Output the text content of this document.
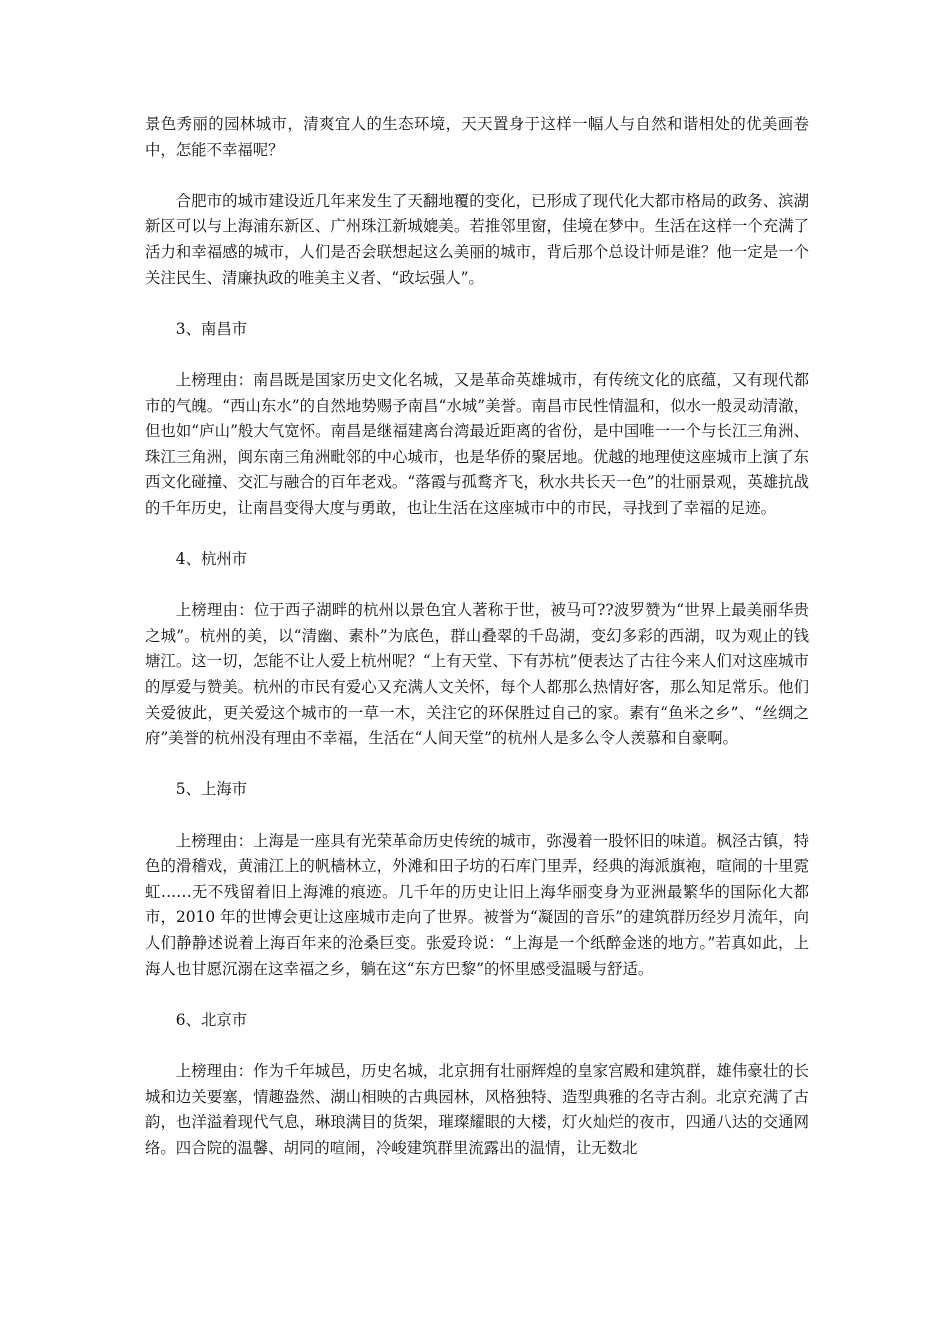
景色秀丽的园林城市，清爽宜人的生态环境，天天置身于这样一幅人与自然和谐相处的优美画卷中，怎能不幸福呢？

合肥市的城市建设近几年来发生了天翻地覆的变化，已形成了现代化大都市格局的政务、滨湖新区可以与上海浦东新区、广州珠江新城媲美。若推邻里窗，佳境在梦中。生活在这样一个充满了活力和幸福感的城市，人们是否会联想起这么美丽的城市，背后那个总设计师是谁？他一定是一个关注民生、清廉执政的唯美主义者、“政坛强人”。

3、南昌市

上榜理由：南昌既是国家历史文化名城，又是革命英雄城市，有传统文化的底蕴，又有现代都市的气魄。“西山东水”的自然地势赐予南昌“水城”美誉。南昌市民性情温和，似水一般灵动清澈，但也如“庐山”般大气宽怀。南昌是继福建离台湾最近距离的省份，是中国唯一一个与长江三角洲、珠江三角洲，闽东南三角洲毗邻的中心城市，也是华侨的聚居地。优越的地理使这座城市上演了东西文化碰撞、交汇与融合的百年老戏。“落霞与孤鹜齐飞，秋水共长天一色”的壮丽景观，英雄抗战的千年历史，让南昌变得大度与勇敢，也让生活在这座城市中的市民，寻找到了幸福的足迹。

4、杭州市

上榜理由：位于西子湖畔的杭州以景色宜人著称于世，被马可??波罗赞为“世界上最美丽华贵之城”。杭州的美，以“清幽、素朴”为底色，群山叠翠的千岛湖，变幻多彩的西湖，叹为观止的钱塘江。这一切，怎能不让人爱上杭州呢？“上有天堂、下有苏杭”便表达了古往今来人们对这座城市的厚爱与赞美。杭州的市民有爱心又充满人文关怀，每个人都那么热情好客，那么知足常乐。他们关爱彼此，更关爱这个城市的一草一木，关注它的环保胜过自己的家。素有“鱼米之乡”、“丝绸之府”美誉的杭州没有理由不幸福，生活在“人间天堂”的杭州人是多么令人羡慕和自豪啊。

5、上海市

上榜理由：上海是一座具有光荣革命历史传统的城市，弥漫着一股怀旧的味道。枫泾古镇，特色的滑稽戏，黄浦江上的帆樯林立，外滩和田子坊的石库门里弄，经典的海派旗袍，喧闹的十里霓虹……无不残留着旧上海滩的痕迹。几千年的历史让旧上海华丽变身为亚洲最繁华的国际化大都市，2010 年的世博会更让这座城市走向了世界。被誉为“凝固的音乐”的建筑群历经岁月流年，向人们静静述说着上海百年来的沧桑巨变。张爱玲说：“上海是一个纸醉金迷的地方。”若真如此，上海人也甘愿沉溺在这幸福之乡，躺在这“东方巴黎”的怀里感受温暖与舒适。

6、北京市

上榜理由：作为千年城邑，历史名城，北京拥有壮丽辉煌的皇家宫殿和建筑群，雄伟豪壮的长城和边关要塞，情趣盎然、湖山相映的古典园林，风格独特、造型典雅的名寺古刹。北京充满了古韵，也洋溢着现代气息，琳琅满目的货架，璀璨耀眼的大楼，灯火灿烂的夜市，四通八达的交通网络。四合院的温馨、胡同的喧闹，冷峻建筑群里流露出的温情，让无数北
